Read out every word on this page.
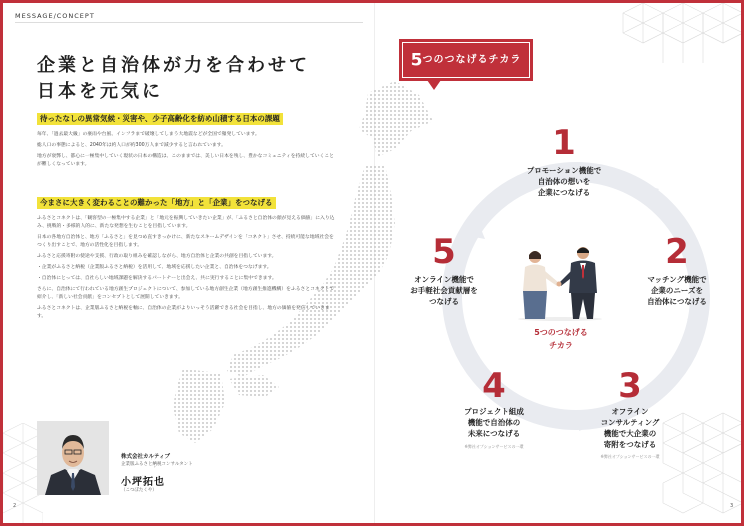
MESSAGE/CONCEPT
企業と自治体が力を合わせて
日本を元気に
待ったなしの異常気候・災害や、少子高齢化を紡め山積する日本の課題

毎年、「過去最大級」の豪雨や台風、インフラまで破壊してしまう大地震などが全国で頻発しています。

総人口の事態によると、2040年は約人口が約300万人まで減少すると言われています。

地方が衰弊し、都心に一極集中していく現状の日本の構造は、このままでは、美しい日本を残し、豊かなコミュニティを持続していくことが難しくなっています。

今まさに大きく変わることの難かった「地方」と「企業」をつなげる

ふるさとコネクトは、「観客型の一極集中する企業」と「地元を振興していきたい企業」が、「ふるさと自治体の顔が見える価値」に入り込み、挑戦的・多様的人的に、新たな発想を生むことを目指しています。

日本の各地方自治体と、地方「ふるさと」を見つめ直すきっかけに、新たなスキームデザインを「コネクト」させ、持続可能な地域社会をつくり出すことで、地方の活性化を目指します。

ふるさと応援寄附の使途や支援、行政の取り組みを確認しながら、地方自治体と企業の共創を目指しています。

・企業がふるさと納税（企業版ふるさと納税）を活用して、地域を応援したい企業と、自治体をつなげます。

・自治体にとっては、自社らしい地域課題を解決するパートナーと出会え、共に実行することに集中できます。

さらに、自治体にて行われている地方創生プロジェクトについて、参加している地方創生企業（地方創生推進機構）をふるさとコネクトで紹介し、「新しい社会貢献」をコンセプトとして展開していきます。

ふるさとコネクトは、企業版ふるさと納税を軸に、自治体の企業がよりいっそう活躍できる社会を目指し、地方の価値を発信していきます。

株式会社カルティブ
企業版ふるさと納税コンサルタント
小坪拓也
（こつぼたくや）
2	3
5つのつなげるチカラ
1
プロモーション機能で
自治体の想いを
企業につなげる
2
マッチング機能で
企業のニーズを
自治体につなげる
3
オフライン
コンサルティング
機能で大企業の
寄附をつなげる
※弊社オプションサービスの一環
4
プロジェクト組成
機能で自治体の
未来につなげる
※弊社オプションサービスの一環
5
オンライン機能で
お手軽社会貢献層を
つなげる
5つのつなげる
チカラ
